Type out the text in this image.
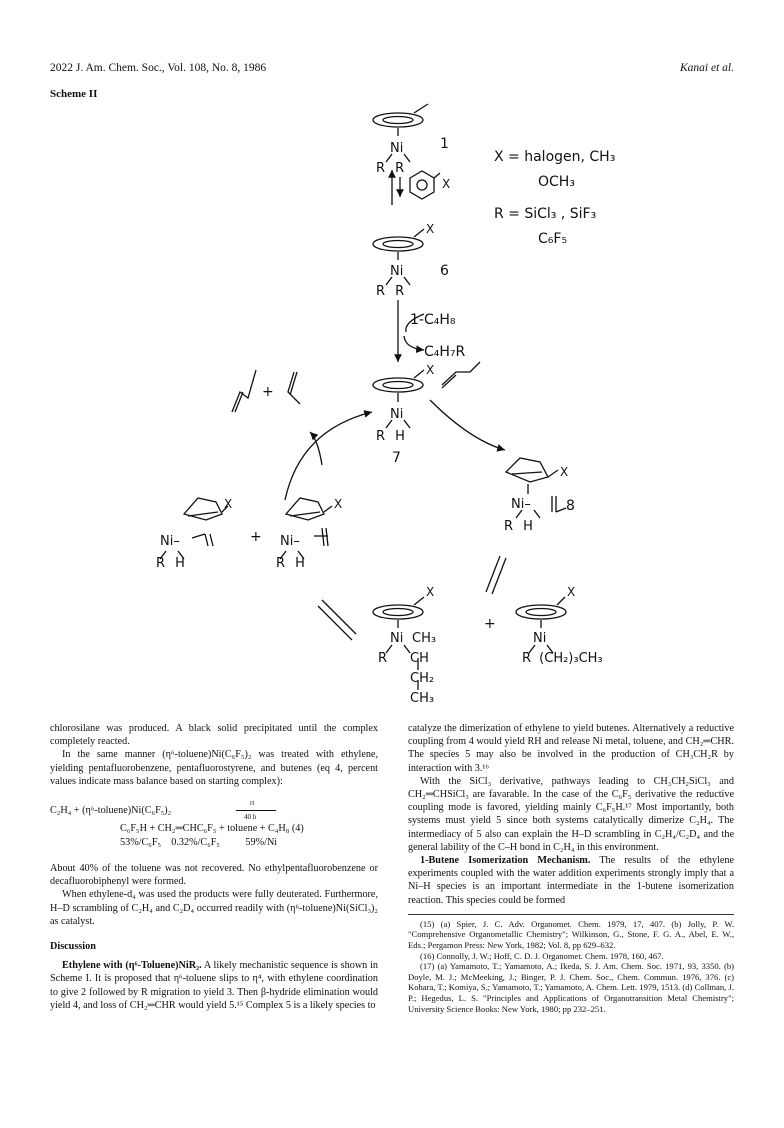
2022 J. Am. Chem. Soc., Vol. 108, No. 8, 1986	Kanai et al.
Scheme II
1
Ni
R R
X
X = halogen, CH₃
OCH₃
R = SiCl₃ , SiF₃
C₆F₅
X
Ni
R R
6
1-C₄H₈
C₄H₇R
X
Ni
R H
7
+
X
Ni–
R H
8
X
Ni–
R H
+
X
Ni–
R H
X
Ni CH₃
R CH
CH₂
CH₃
+
X
Ni
R (CH₂)₃CH₃

chlorosilane was produced. A black solid precipitated until the complex completely reacted.

In the same manner (η⁶-toluene)Ni(C₆F₅)₂ was treated with ethylene, yielding pentafluorobenzene, pentafluorostyrene, and butenes (eq 4, percent values indicate mass balance based on starting complex):

C₂H₄ + (η⁶-toluene)Ni(C₆F₅)₂
rt
40 h
C₆F₅H + CH₂═CHC₆F₅ + toluene + C₄H₈ (4)
53%/C₆F₅    0.32%/C₆F₅          59%/Ni

About 40% of the toluene was not recovered. No ethylpentafluorobenzene or decafluorobiphenyl were formed.

When ethylene-d₄ was used the products were fully deuterated. Furthermore, H–D scrambling of C₂H₄ and C₂D₄ occurred readily with (η⁶-toluene)Ni(SiCl₃)₂ as catalyst.

Discussion

Ethylene with (η⁶-Toluene)NiR₂. A likely mechanistic sequence is shown in Scheme I. It is proposed that η⁶-toluene slips to η⁴, with ethylene coordination to give 2 followed by R migration to yield 3. Then β-hydride elimination would yield 4, and loss of CH₂═CHR would yield 5.¹⁵ Complex 5 is a likely species to

catalyze the dimerization of ethylene to yield butenes. Alternatively a reductive coupling from 4 would yield RH and release Ni metal, toluene, and CH₂═CHR. The species 5 may also be involved in the production of CH₃CH₂R by interaction with 3.¹⁶

With the SiCl₃ derivative, pathways leading to CH₃CH₂SiCl₃ and CH₂═CHSiCl₃ are favarable. In the case of the C₆F₅ derivative the reductive coupling mode is favored, yielding mainly C₆F₅H.¹⁷ Most importantly, both systems must yield 5 since both systems catalytically dimerize C₂H₄. The intermediacy of 5 also can explain the H–D scrambling in C₂H₄/C₂D₄ and the general lability of the C–H bond in C₂H₄ in this environment.

1-Butene Isomerization Mechanism. The results of the ethylene experiments coupled with the water addition experiments strongly imply that a Ni–H species is an important intermediate in the 1-butene isomerization reaction. This species could be formed

(15) (a) Spier, J. C. Adv. Organomet. Chem. 1979, 17, 407. (b) Jolly, P. W. "Comprehensive Organometallic Chemistry"; Wilkinson, G., Stone, F. G. A., Abel, E. W., Eds.; Pergamon Press: New York, 1982; Vol. 8, pp 629–632.
(16) Connolly, J. W.; Hoff, C. D. J. Organomet. Chem. 1978, 160, 467.
(17) (a) Yamamoto, T.; Yamamoto, A.; Ikeda, S. J. Am. Chem. Soc. 1971, 93, 3350. (b) Doyle, M. J.; McMeeking, J.; Binger, P. J. Chem. Soc., Chem. Commun. 1976, 376. (c) Kohara, T.; Komiya, S.; Yamamoto, T.; Yamamoto, A. Chem. Lett. 1979, 1513. (d) Collman, J. P.; Hegedus, L. S. "Principles and Applications of Organotransition Metal Chemistry"; University Science Books: New York, 1980; pp 232–251.
